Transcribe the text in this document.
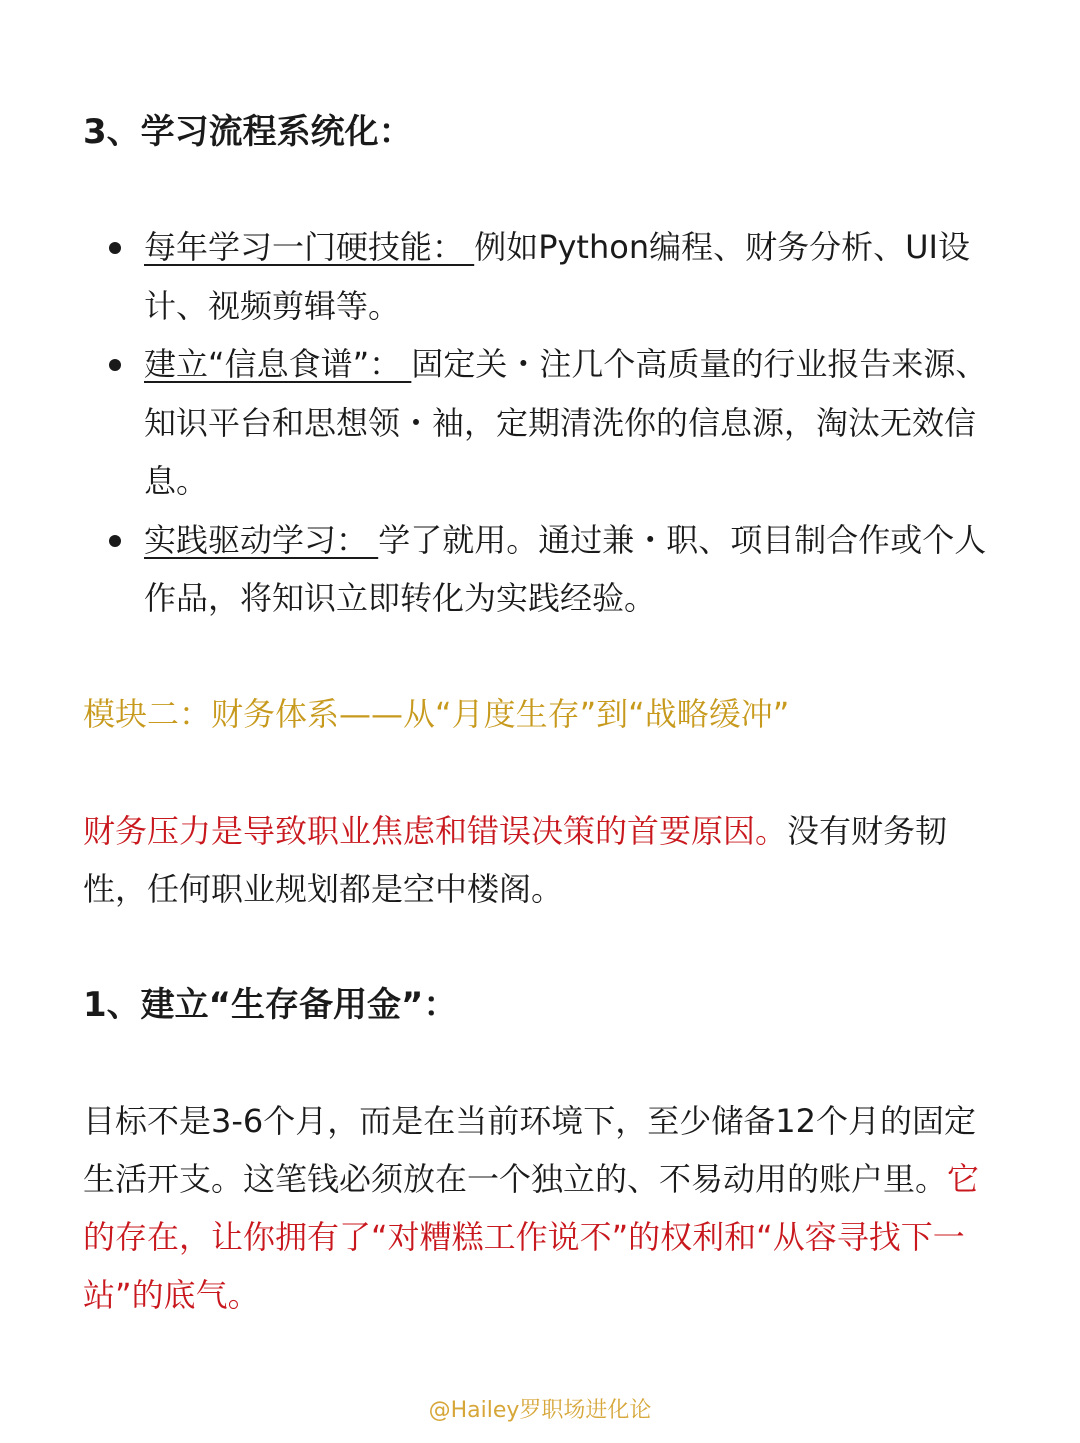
3、学习流程系统化：
每年学习一门硬技能： 例如Python编程、财务分析、UI设计、视频剪辑等。
建立“信息食谱”： 固定关・注几个高质量的行业报告来源、知识平台和思想领・袖，定期清洗你的信息源，淘汰无效信息。
实践驱动学习： 学了就用。通过兼・职、项目制合作或个人作品，将知识立即转化为实践经验。
模块二：财务体系——从“月度生存”到“战略缓冲”

财务压力是导致职业焦虑和错误决策的首要原因。没有财务韧性，任何职业规划都是空中楼阁。

1、建立“生存备用金”：

目标不是3-6个月，而是在当前环境下，至少储备12个月的固定生活开支。这笔钱必须放在一个独立的、不易动用的账户里。它的存在，让你拥有了“对糟糕工作说不”的权利和“从容寻找下一站”的底气。

@Hailey罗职场进化论
